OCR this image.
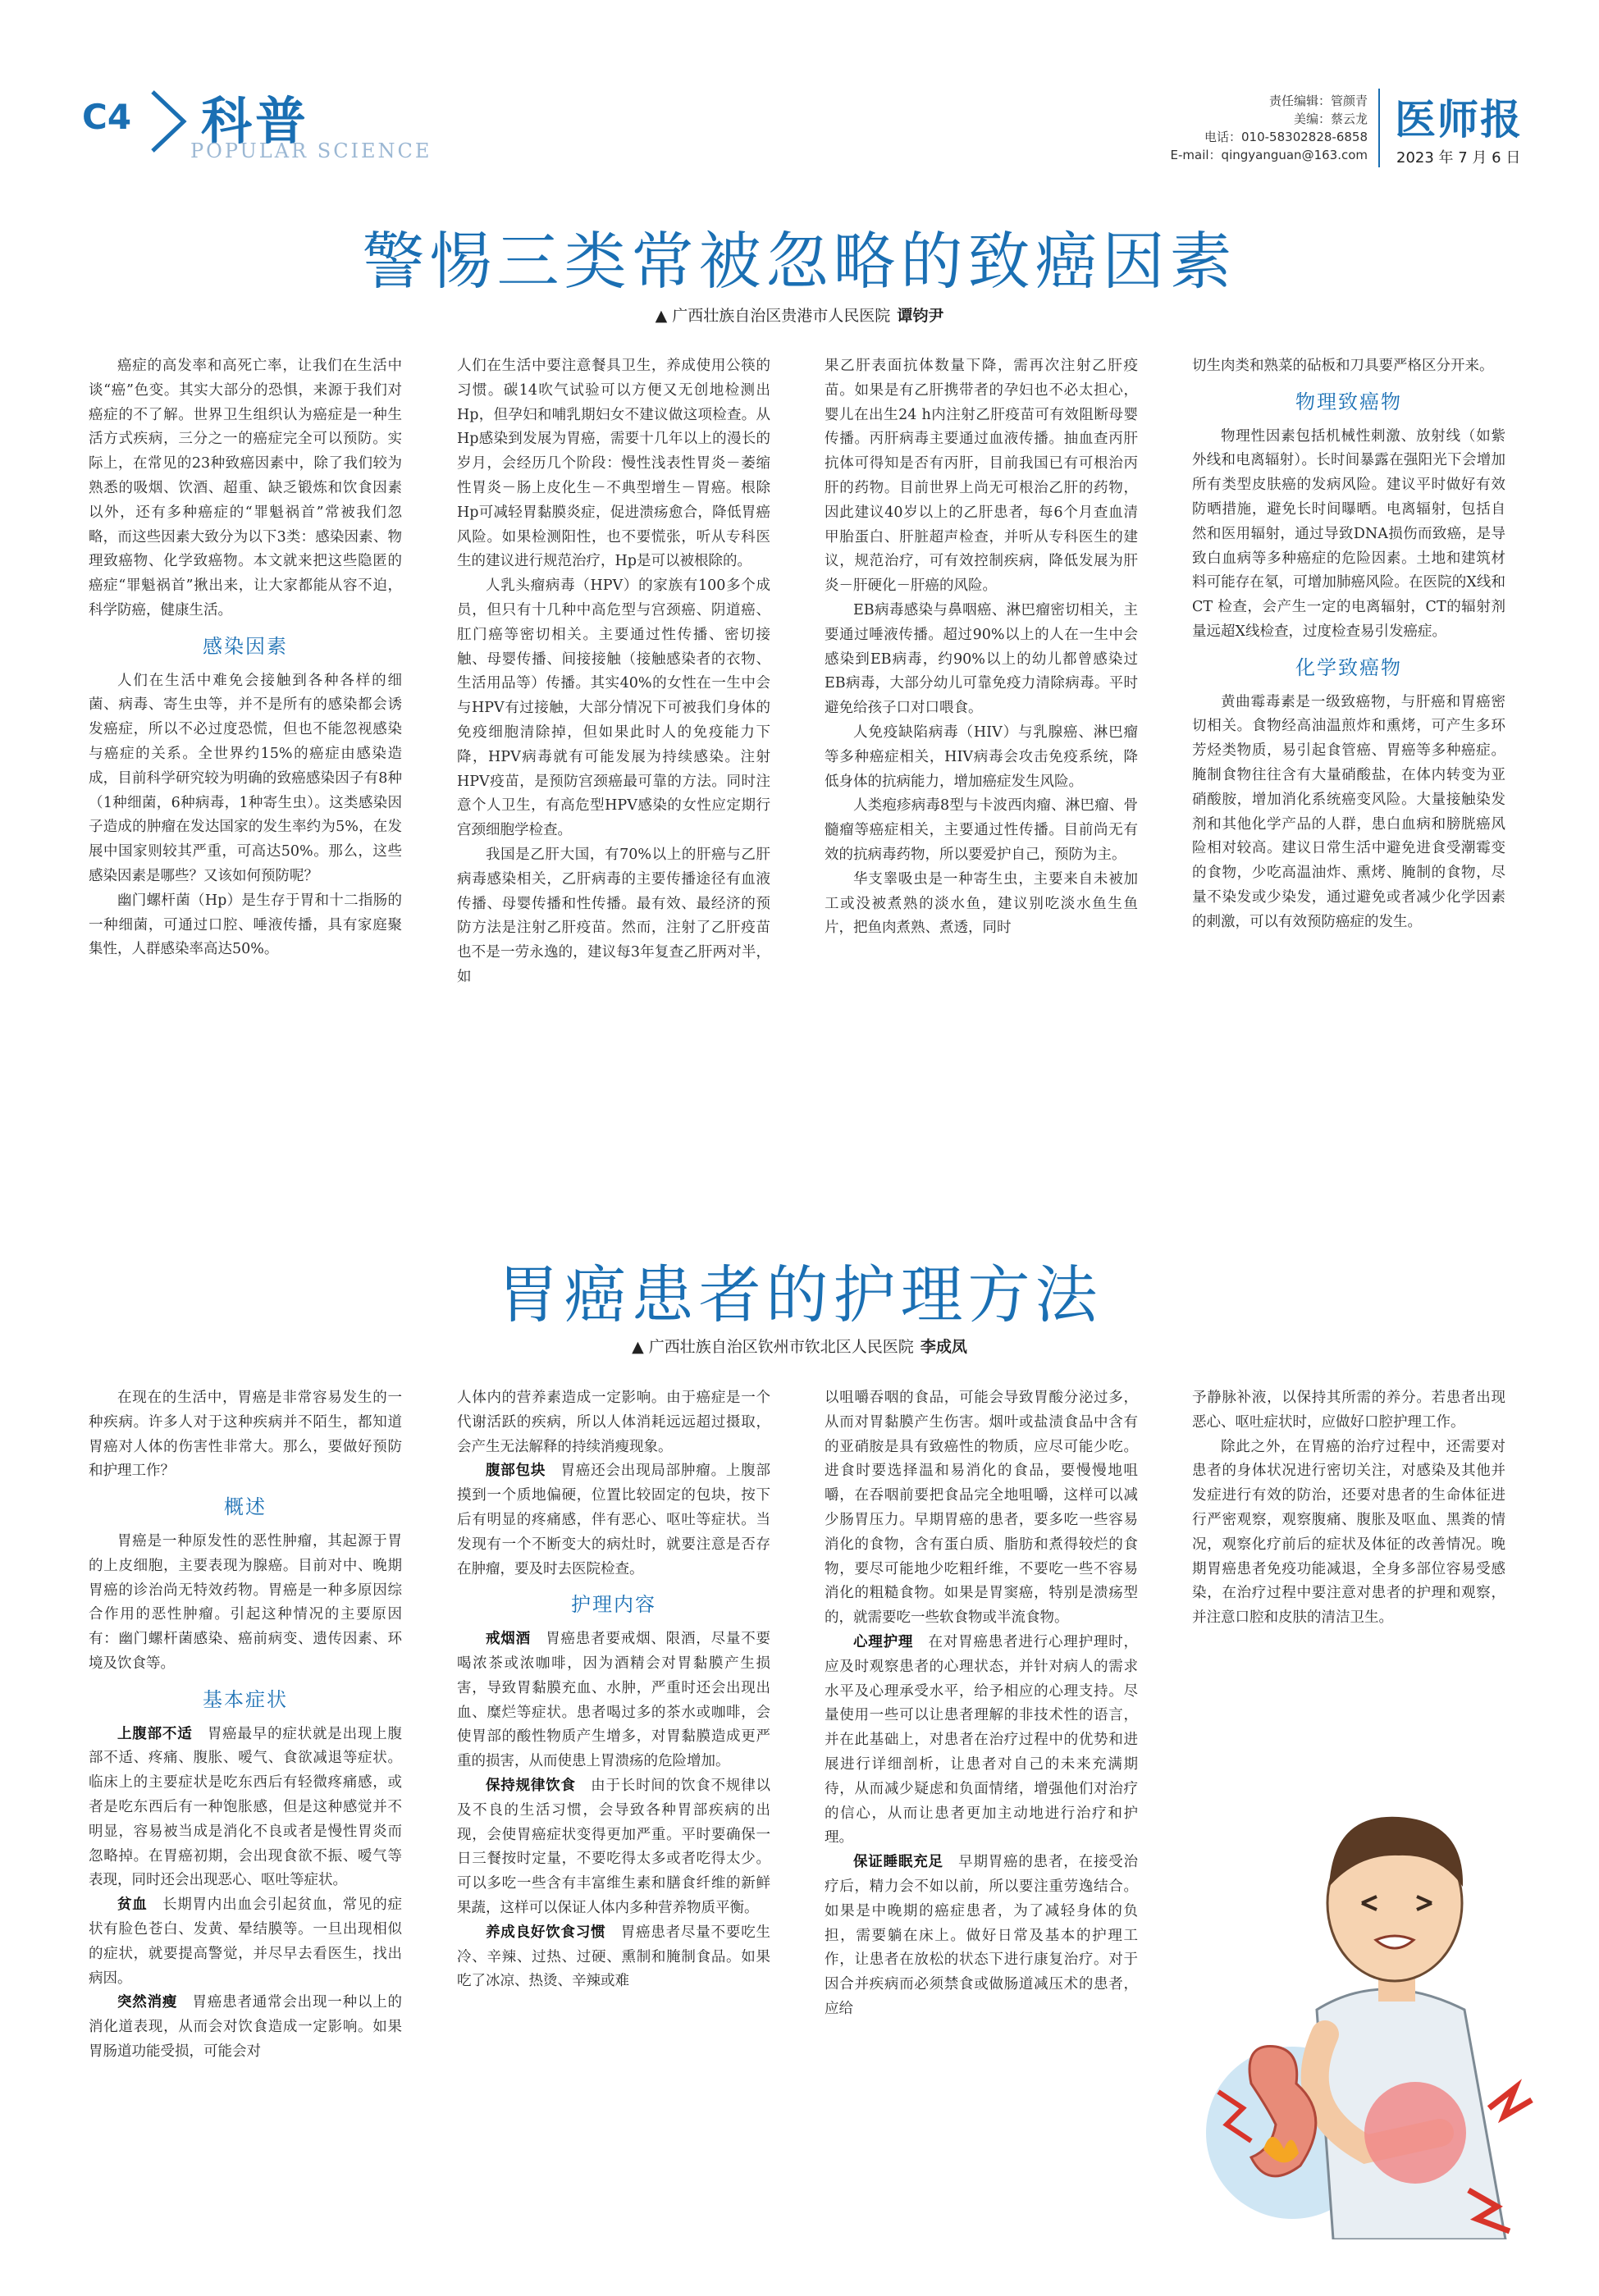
C4 科普
POPULAR SCIENCE
责任编辑：管颜青
美编：蔡云龙
电话：010-58302828-6858
E-mail：qingyanguan@163.com
医师报
2023 年 7 月 6 日
警惕三类常被忽略的致癌因素
▲ 广西壮族自治区贵港市人民医院 谭钧尹

癌症的高发率和高死亡率，让我们在生活中谈“癌”色变。其实大部分的恐惧，来源于我们对癌症的不了解。世界卫生组织认为癌症是一种生活方式疾病，三分之一的癌症完全可以预防。实际上，在常见的23种致癌因素中，除了我们较为熟悉的吸烟、饮酒、超重、缺乏锻炼和饮食因素以外，还有多种癌症的“罪魁祸首”常被我们忽略，而这些因素大致分为以下3类：感染因素、物理致癌物、化学致癌物。本文就来把这些隐匿的癌症“罪魁祸首”揪出来，让大家都能从容不迫，科学防癌，健康生活。

感染因素

人们在生活中难免会接触到各种各样的细菌、病毒、寄生虫等，并不是所有的感染都会诱发癌症，所以不必过度恐慌，但也不能忽视感染与癌症的关系。全世界约15%的癌症由感染造成，目前科学研究较为明确的致癌感染因子有8种（1种细菌，6种病毒，1种寄生虫）。这类感染因子造成的肿瘤在发达国家的发生率约为5%，在发展中国家则较其严重，可高达50%。那么，这些感染因素是哪些？又该如何预防呢？

幽门螺杆菌（Hp）是生存于胃和十二指肠的一种细菌，可通过口腔、唾液传播，具有家庭聚集性，人群感染率高达50%。

人们在生活中要注意餐具卫生，养成使用公筷的习惯。碳14吹气试验可以方便又无创地检测出Hp，但孕妇和哺乳期妇女不建议做这项检查。从Hp感染到发展为胃癌，需要十几年以上的漫长的岁月，会经历几个阶段：慢性浅表性胃炎－萎缩性胃炎－肠上皮化生－不典型增生－胃癌。根除Hp可减轻胃黏膜炎症，促进溃疡愈合，降低胃癌风险。如果检测阳性，也不要慌张，听从专科医生的建议进行规范治疗，Hp是可以被根除的。

人乳头瘤病毒（HPV）的家族有100多个成员，但只有十几种中高危型与宫颈癌、阴道癌、肛门癌等密切相关。主要通过性传播、密切接触、母婴传播、间接接触（接触感染者的衣物、生活用品等）传播。其实40%的女性在一生中会与HPV有过接触，大部分情况下可被我们身体的免疫细胞清除掉，但如果此时人的免疫能力下降，HPV病毒就有可能发展为持续感染。注射HPV疫苗，是预防宫颈癌最可靠的方法。同时注意个人卫生，有高危型HPV感染的女性应定期行宫颈细胞学检查。

我国是乙肝大国，有70%以上的肝癌与乙肝病毒感染相关，乙肝病毒的主要传播途径有血液传播、母婴传播和性传播。最有效、最经济的预防方法是注射乙肝疫苗。然而，注射了乙肝疫苗也不是一劳永逸的，建议每3年复查乙肝两对半，如

果乙肝表面抗体数量下降，需再次注射乙肝疫苗。如果是有乙肝携带者的孕妇也不必太担心，婴儿在出生24 h内注射乙肝疫苗可有效阻断母婴传播。丙肝病毒主要通过血液传播。抽血查丙肝抗体可得知是否有丙肝，目前我国已有可根治丙肝的药物。目前世界上尚无可根治乙肝的药物，因此建议40岁以上的乙肝患者，每6个月查血清甲胎蛋白、肝脏超声检查，并听从专科医生的建议，规范治疗，可有效控制疾病，降低发展为肝炎－肝硬化－肝癌的风险。

EB病毒感染与鼻咽癌、淋巴瘤密切相关，主要通过唾液传播。超过90%以上的人在一生中会感染到EB病毒，约90%以上的幼儿都曾感染过EB病毒，大部分幼儿可靠免疫力清除病毒。平时避免给孩子口对口喂食。

人免疫缺陷病毒（HIV）与乳腺癌、淋巴瘤等多种癌症相关，HIV病毒会攻击免疫系统，降低身体的抗病能力，增加癌症发生风险。

人类疱疹病毒8型与卡波西肉瘤、淋巴瘤、骨髓瘤等癌症相关，主要通过性传播。目前尚无有效的抗病毒药物，所以要爱护自己，预防为主。

华支睾吸虫是一种寄生虫，主要来自未被加工或没被煮熟的淡水鱼，建议别吃淡水鱼生鱼片，把鱼肉煮熟、煮透，同时

切生肉类和熟菜的砧板和刀具要严格区分开来。

物理致癌物

物理性因素包括机械性刺激、放射线（如紫外线和电离辐射）。长时间暴露在强阳光下会增加所有类型皮肤癌的发病风险。建议平时做好有效防晒措施，避免长时间曝晒。电离辐射，包括自然和医用辐射，通过导致DNA损伤而致癌，是导致白血病等多种癌症的危险因素。土地和建筑材料可能存在氡，可增加肺癌风险。在医院的X线和 CT 检查，会产生一定的电离辐射，CT的辐射剂量远超X线检查，过度检查易引发癌症。

化学致癌物

黄曲霉毒素是一级致癌物，与肝癌和胃癌密切相关。食物经高油温煎炸和熏烤，可产生多环芳烃类物质，易引起食管癌、胃癌等多种癌症。腌制食物往往含有大量硝酸盐，在体内转变为亚硝酸胺，增加消化系统癌变风险。大量接触染发剂和其他化学产品的人群，患白血病和膀胱癌风险相对较高。建议日常生活中避免进食受潮霉变的食物，少吃高温油炸、熏烤、腌制的食物，尽量不染发或少染发，通过避免或者减少化学因素的刺激，可以有效预防癌症的发生。

胃癌患者的护理方法
▲ 广西壮族自治区钦州市钦北区人民医院 李成凤

在现在的生活中，胃癌是非常容易发生的一种疾病。许多人对于这种疾病并不陌生，都知道胃癌对人体的伤害性非常大。那么，要做好预防和护理工作？

概述

胃癌是一种原发性的恶性肿瘤，其起源于胃的上皮细胞，主要表现为腺癌。目前对中、晚期胃癌的诊治尚无特效药物。胃癌是一种多原因综合作用的恶性肿瘤。引起这种情况的主要原因有：幽门螺杆菌感染、癌前病变、遗传因素、环境及饮食等。

基本症状

上腹部不适　 胃癌最早的症状就是出现上腹部不适、疼痛、腹胀、嗳气、食欲减退等症状。临床上的主要症状是吃东西后有轻微疼痛感，或者是吃东西后有一种饱胀感，但是这种感觉并不明显，容易被当成是消化不良或者是慢性胃炎而忽略掉。在胃癌初期，会出现食欲不振、嗳气等表现，同时还会出现恶心、呕吐等症状。

贫血　 长期胃内出血会引起贫血，常见的症状有脸色苍白、发黄、晕结膜等。一旦出现相似的症状，就要提高警觉，并尽早去看医生，找出病因。

突然消瘦　 胃癌患者通常会出现一种以上的消化道表现，从而会对饮食造成一定影响。如果胃肠道功能受损，可能会对

人体内的营养素造成一定影响。由于癌症是一个代谢活跃的疾病，所以人体消耗远远超过摄取，会产生无法解释的持续消瘦现象。

腹部包块　 胃癌还会出现局部肿瘤。上腹部摸到一个质地偏硬，位置比较固定的包块，按下后有明显的疼痛感，伴有恶心、呕吐等症状。当发现有一个不断变大的病灶时，就要注意是否存在肿瘤，要及时去医院检查。

护理内容

戒烟酒　 胃癌患者要戒烟、限酒，尽量不要喝浓茶或浓咖啡，因为酒精会对胃黏膜产生损害，导致胃黏膜充血、水肿，严重时还会出现出血、糜烂等症状。患者喝过多的茶水或咖啡，会使胃部的酸性物质产生增多，对胃黏膜造成更严重的损害，从而使患上胃溃疡的危险增加。

保持规律饮食　 由于长时间的饮食不规律以及不良的生活习惯，会导致各种胃部疾病的出现，会使胃癌症状变得更加严重。平时要确保一日三餐按时定量，不要吃得太多或者吃得太少。可以多吃一些含有丰富维生素和膳食纤维的新鲜果蔬，这样可以保证人体内多种营养物质平衡。

养成良好饮食习惯　 胃癌患者尽量不要吃生冷、辛辣、过热、过硬、熏制和腌制食品。如果吃了冰凉、热烫、辛辣或难

以咀嚼吞咽的食品，可能会导致胃酸分泌过多，从而对胃黏膜产生伤害。烟叶或盐渍食品中含有的亚硝胺是具有致癌性的物质，应尽可能少吃。进食时要选择温和易消化的食品，要慢慢地咀嚼，在吞咽前要把食品完全地咀嚼，这样可以减少肠胃压力。早期胃癌的患者，要多吃一些容易消化的食物，含有蛋白质、脂肪和煮得较烂的食物，要尽可能地少吃粗纤维，不要吃一些不容易消化的粗糙食物。如果是胃窦癌，特别是溃疡型的，就需要吃一些软食物或半流食物。

心理护理　 在对胃癌患者进行心理护理时，应及时观察患者的心理状态，并针对病人的需求水平及心理承受水平，给予相应的心理支持。尽量使用一些可以让患者理解的非技术性的语言，并在此基础上，对患者在治疗过程中的优势和进展进行详细剖析，让患者对自己的未来充满期待，从而减少疑虑和负面情绪，增强他们对治疗的信心，从而让患者更加主动地进行治疗和护理。

保证睡眠充足　 早期胃癌的患者，在接受治疗后，精力会不如以前，所以要注重劳逸结合。如果是中晚期的癌症患者，为了减轻身体的负担，需要躺在床上。做好日常及基本的护理工作，让患者在放松的状态下进行康复治疗。对于因合并疾病而必须禁食或做肠道减压术的患者，应给

予静脉补液，以保持其所需的养分。若患者出现恶心、呕吐症状时，应做好口腔护理工作。

除此之外，在胃癌的治疗过程中，还需要对患者的身体状况进行密切关注，对感染及其他并发症进行有效的防治，还要对患者的生命体征进行严密观察，观察腹痛、腹胀及呕血、黑粪的情况，观察化疗前后的症状及体征的改善情况。晚期胃癌患者免疫功能减退，全身多部位容易受感染，在治疗过程中要注意对患者的护理和观察，并注意口腔和皮肤的清洁卫生。
